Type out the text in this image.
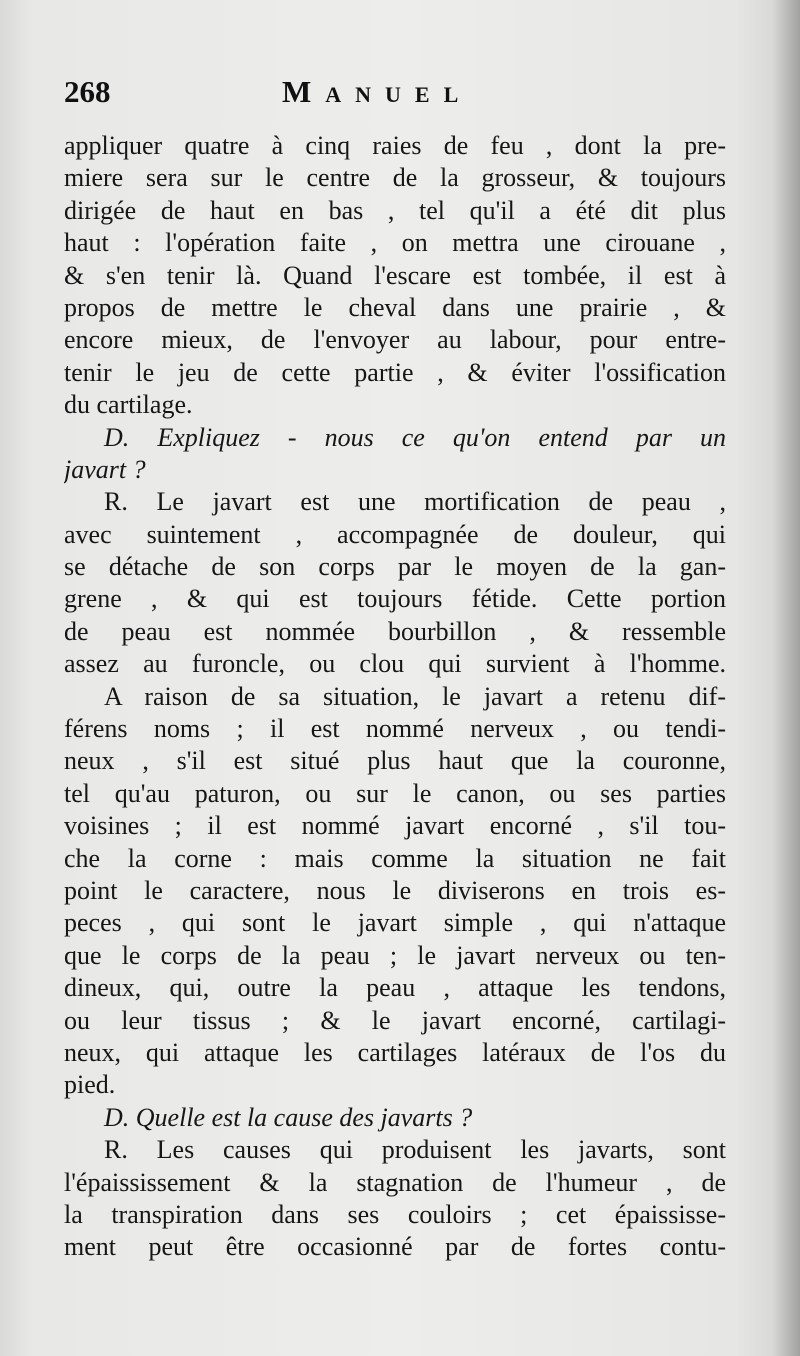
268	Manuel
appliquer quatre à cinq raies de feu , dont la pre-
miere sera sur le centre de la grosseur, & toujours
dirigée de haut en bas , tel qu'il a été dit plus
haut : l'opération faite , on mettra une cirouane ,
& s'en tenir là. Quand l'escare est tombée, il est à
propos de mettre le cheval dans une prairie , &
encore mieux, de l'envoyer au labour, pour entre-
tenir le jeu de cette partie , & éviter l'ossification
du cartilage.
D. Expliquez - nous ce qu'on entend par un
javart ?
R. Le javart est une mortification de peau ,
avec suintement , accompagnée de douleur, qui
se détache de son corps par le moyen de la gan-
grene , & qui est toujours fétide. Cette portion
de peau est nommée bourbillon , & ressemble
assez au furoncle, ou clou qui survient à l'homme.
A raison de sa situation, le javart a retenu dif-
férens noms ; il est nommé nerveux , ou tendi-
neux , s'il est situé plus haut que la couronne,
tel qu'au paturon, ou sur le canon, ou ses parties
voisines ; il est nommé javart encorné , s'il tou-
che la corne : mais comme la situation ne fait
point le caractere, nous le diviserons en trois es-
peces , qui sont le javart simple , qui n'attaque
que le corps de la peau ; le javart nerveux ou ten-
dineux, qui, outre la peau , attaque les tendons,
ou leur tissus ; & le javart encorné, cartilagi-
neux, qui attaque les cartilages latéraux de l'os du
pied.
D. Quelle est la cause des javarts ?
R. Les causes qui produisent les javarts, sont
l'épaississement & la stagnation de l'humeur , de
la transpiration dans ses couloirs ; cet épaississe-
ment peut être occasionné par de fortes contu-
